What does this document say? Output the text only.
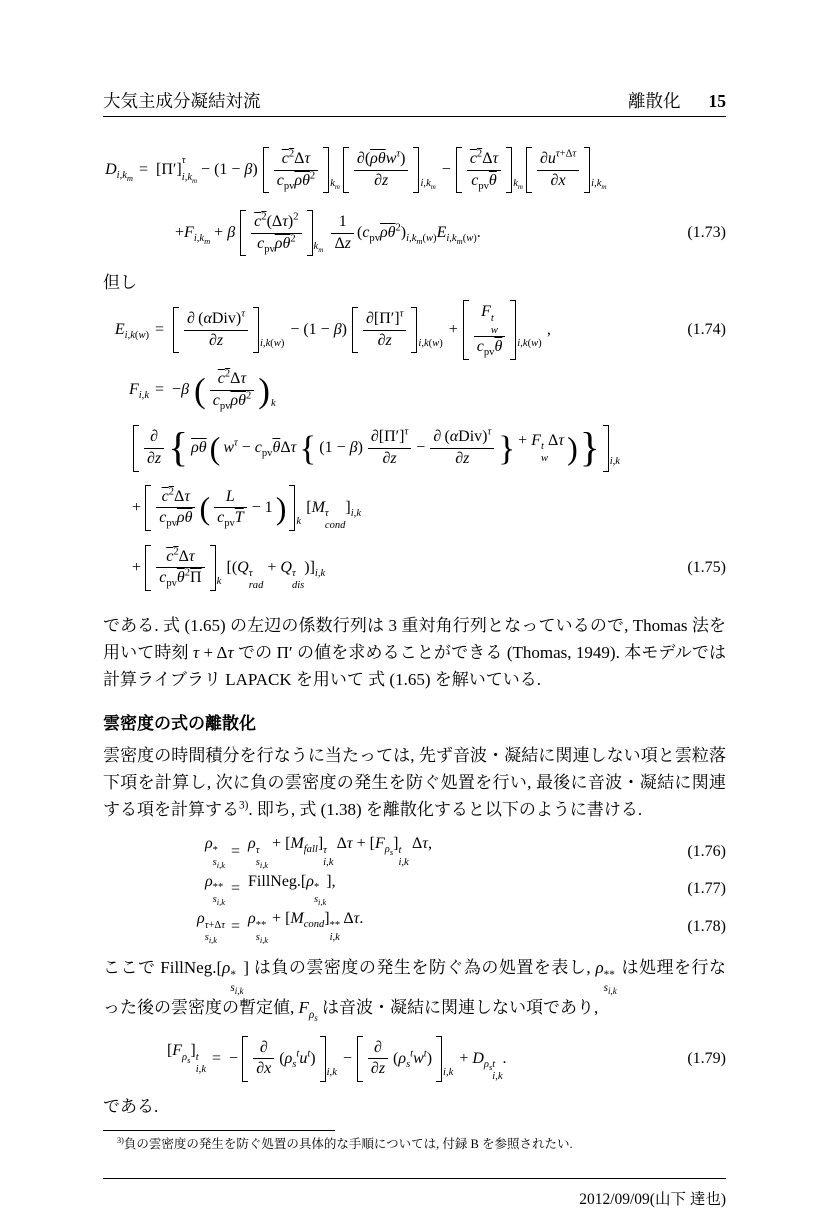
大気主成分凝結対流	離散化 15
$D_{i,k_m}$
= [Π′] τ
$i,k_m$
− (1 − β)
$c^2\Delta\tau$
$c_{pv}\overline{\rho}\overline{\theta}^2$
$k_m$
$\partial(\overline{\rho}\overline{\theta}w^\tau)$
∂z	$i,k_m$
−
$c^2\Delta\tau$
$c_{pv}\overline{\theta}$	$k_m$
$\partial u^{\tau+\Delta\tau}$
∂x	$i,k_m$
$+F_{i,k_m} + \beta$
$c^2(\Delta\tau)^2$
$c_{pv}\overline{\rho}\overline{\theta}^2$
$k_m$
  $\frac{1}{\Delta z} (c_{pv}\overline{\rho}\overline{\theta}^2)_{i,k_m(w)}E_{i,k_m(w)}$.	(1.73)

但し

$E_{i,k(w)}$ =
∂ $(\alpha Div)^\tau$
∂z	i,k(w)
− (1 − β)
$\partial[\Pi']^\tau$
∂z	i,k(w)
+
F t
w
$c_{pv}\overline{\theta}$ i,k(w)
 ,	(1.74)
$F_{i,k} = -\beta$ ( $c^2\Delta\tau$
$c_{pv}\overline{\rho}\overline{\theta}^2$ ) k
∂
∂z { $\overline{\rho}\overline{\theta}$ ( $w^\tau - c_{pv}\overline{\theta}\Delta\tau$ { (1 − β)
$\partial[\Pi']^\tau$
∂z
−
∂ $(\alpha Div)^\tau$
∂z } + F t
w
Δτ ) } i,k
+ 
$c^2\Delta\tau$
$c_{pv}\overline{\rho}\overline{\theta}$ ( L
$c_{pv}\overline{T}$
− 1 ) k
 [M τ
cond
]$_{i,k}$
+ 
$c^2\Delta\tau$
$c_{pv}\overline{\theta}^2\overline{\Pi}$ k
 [(Q τ
rad
+ Q τ
dis
)]$_{i,k}$	(1.75)

である. 式 (1.65) の左辺の係数行列は 3 重対角行列となっているので, Thomas 法を用いて時刻 τ + Δτ での Π′ の値を求めることができる (Thomas, 1949). 本モデルでは計算ライブラリ LAPACK を用いて 式 (1.65) を解いている.

雲密度の式の離散化

雲密度の時間積分を行なうに当たっては, 先ず音波・凝結に関連しない項と雲粒落下項を計算し, 次に負の雲密度の発生を防ぐ処置を行い, 最後に音波・凝結に関連する項を計算する$^{3)}$. 即ち, 式 (1.38) を離散化すると以下のように書ける.

ρ *
$s_{i,k}$
= ρ τ
$s_{i,k}$
+ $[M_{fall}]$ τ
i,k
 $\Delta\tau + [F_{\rho_s}]$ t
i,k
 Δτ,	(1.76)
ρ **
$s_{i,k}$
= FillNeg.[ρ *
$s_{i,k}$
],	(1.77)
ρ τ+Δτ
$s_{i,k}$
= ρ **
$s_{i,k}$
+ $[M_{cond}]$ **
i,k
 Δτ.	(1.78)

ここで FillNeg.[ρ *
$s_{i,k}$
] は負の雲密度の発生を防ぐ為の処置を表し, ρ **
$s_{i,k}$
は処理を行なった後の雲密度の暫定値, $F_{\rho_s}$ は音波・凝結に関連しない項であり,

$[F_{\rho_s}]$ t
i,k
= − 
∂
∂x
$(\rho_s^tu^t)$
i,k
−
∂
∂z
$(\rho_s^tw^t)$
i,k
+ $D_{\rho_s}$ t
i,k
.	(1.79)

である.

$^{3)}$負の雲密度の発生を防ぐ処置の具体的な手順については, 付録 B を参照されたい.

2012/09/09(山下 達也)
